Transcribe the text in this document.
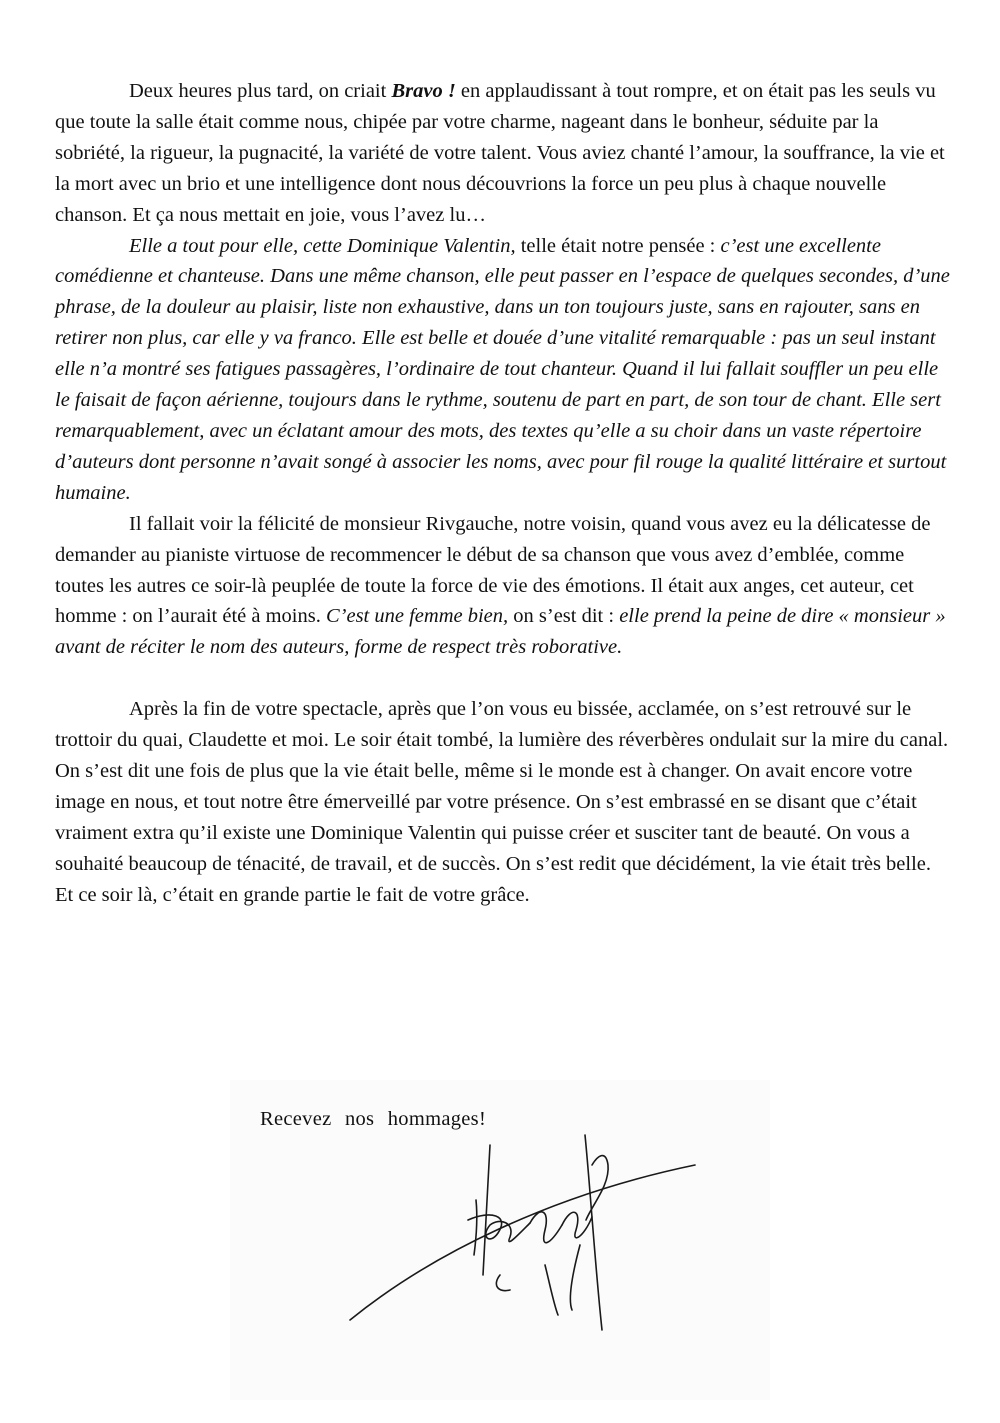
Deux heures plus tard, on criait Bravo ! en applaudissant à tout rompre, et on était pas les seuls vu que toute la salle était comme nous, chipée par votre charme, nageant dans le bonheur, séduite par la sobriété, la rigueur, la pugnacité, la variété de votre talent. Vous aviez chanté l’amour, la souffrance, la vie et la mort avec un brio et une intelligence dont nous découvrions la force un peu plus à chaque nouvelle chanson. Et ça nous mettait en joie, vous l’avez lu…

Elle a tout pour elle, cette Dominique Valentin, telle était notre pensée : c’est une excellente comédienne et chanteuse. Dans une même chanson, elle peut passer en l’espace de quelques secondes, d’une phrase, de la douleur au plaisir, liste non exhaustive, dans un ton toujours juste, sans en rajouter, sans en retirer non plus, car elle y va franco. Elle est belle et douée d’une vitalité remarquable : pas un seul instant elle n’a montré ses fatigues passagères, l’ordinaire de tout chanteur. Quand il lui fallait souffler un peu elle le faisait de façon aérienne, toujours dans le rythme, soutenu de part en part, de son tour de chant. Elle sert remarquablement, avec un éclatant amour des mots, des textes qu’elle a su choir dans un vaste répertoire d’auteurs dont personne n’avait songé à associer les noms, avec pour fil rouge la qualité littéraire et surtout humaine.

Il fallait voir la félicité de monsieur Rivgauche, notre voisin, quand vous avez eu la délicatesse de demander au pianiste virtuose de recommencer le début de sa chanson que vous avez d’emblée, comme toutes les autres ce soir-là peuplée de toute la force de vie des émotions. Il était aux anges, cet auteur, cet homme : on l’aurait été à moins. C’est une femme bien, on s’est dit : elle prend la peine de dire « monsieur » avant de réciter le nom des auteurs, forme de respect très roborative.

Après la fin de votre spectacle, après que l’on vous eu bissée, acclamée, on s’est retrouvé sur le trottoir du quai, Claudette et moi. Le soir était tombé, la lumière des réverbères ondulait sur la mire du canal. On s’est dit une fois de plus que la vie était belle, même si le monde est à changer. On avait encore votre image en nous, et tout notre être émerveillé par votre présence. On s’est embrassé en se disant que c’était vraiment extra qu’il existe une Dominique Valentin qui puisse créer et susciter tant de beauté. On vous a souhaité beaucoup de ténacité, de travail, et de succès. On s’est redit que décidément, la vie était très belle. Et ce soir là, c’était en grande partie le fait de votre grâce.

Recevez nos hommages!
